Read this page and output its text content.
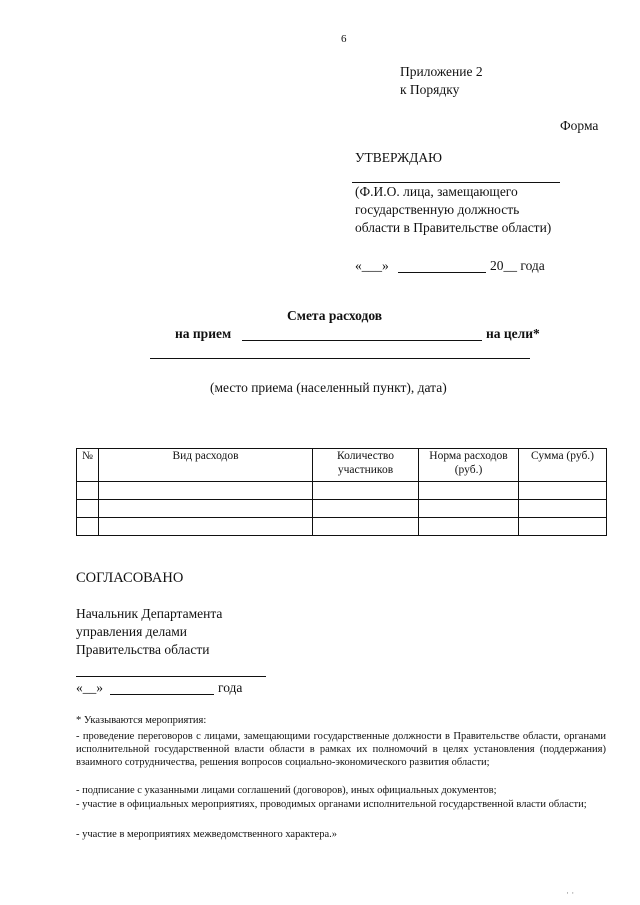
6
Приложение 2
к Порядку
Форма
УТВЕРЖДАЮ
(Ф.И.О. лица, замещающего
государственную должность
области в Правительстве области)
«___»	20__ года
Смета расходов
на прием	на цели*
(место приема (населенный пункт), дата)
№	Вид расходов	Количество участников	Норма расходов (руб.)	Сумма (руб.)

СОГЛАСОВАНО
Начальник Департамента
управления делами
Правительства области
«__»	года
* Указываются мероприятия:
- проведение переговоров с лицами, замещающими государственные должности в Правительстве области, органами исполнительной государственной власти области в рамках их полномочий в целях установления (поддержания) взаимного сотрудничества, решения вопросов социально-экономического развития области;
- подписание с указанными лицами соглашений (договоров), иных официальных документов;
- участие в официальных мероприятиях, проводимых органами исполнительной государственной власти области;
- участие в мероприятиях межведомственного характера.»
· ·
